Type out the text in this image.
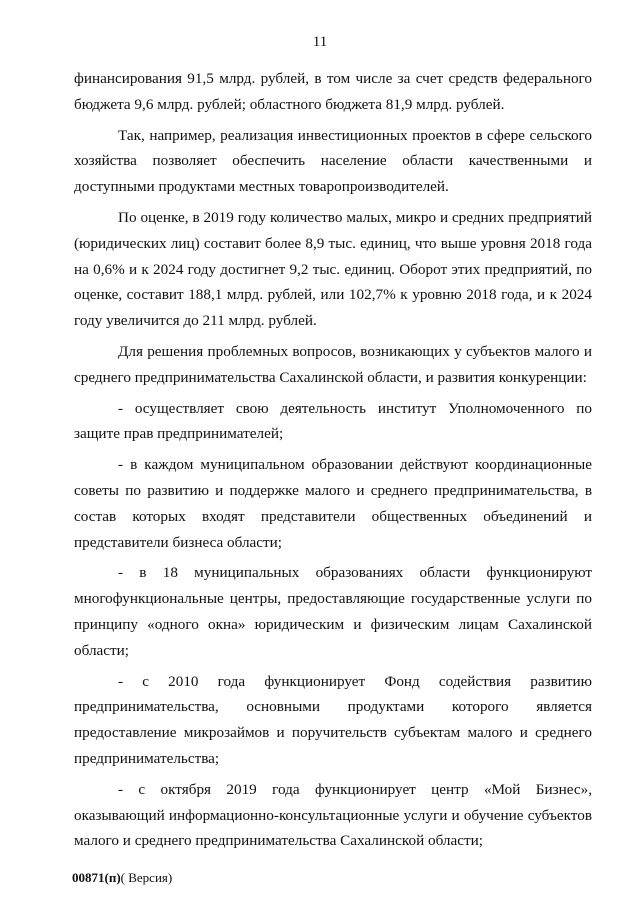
11

финансирования 91,5 млрд. рублей, в том числе за счет средств федерального бюджета 9,6 млрд. рублей; областного бюджета 81,9 млрд. рублей.

Так, например, реализация инвестиционных проектов в сфере сельского хозяйства позволяет обеспечить население области качественными и доступными продуктами местных товаропроизводителей.

По оценке, в 2019 году количество малых, микро и средних предприятий (юридических лиц) составит более 8,9 тыс. единиц, что выше уровня 2018 года на 0,6% и к 2024 году достигнет 9,2 тыс. единиц. Оборот этих предприятий, по оценке, составит 188,1 млрд. рублей, или 102,7% к уровню 2018 года, и к 2024 году увеличится до 211 млрд. рублей.

Для решения проблемных вопросов, возникающих у субъектов малого и среднего предпринимательства Сахалинской области, и развития конкуренции:

- осуществляет свою деятельность институт Уполномоченного по защите прав предпринимателей;

- в каждом муниципальном образовании действуют координационные советы по развитию и поддержке малого и среднего предпринимательства, в состав которых входят представители общественных объединений и представители бизнеса области;

- в 18 муниципальных образованиях области функционируют многофункциональные центры, предоставляющие государственные услуги по принципу «одного окна» юридическим и физическим лицам Сахалинской области;

- с 2010 года функционирует Фонд содействия развитию предпринимательства, основными продуктами которого является предоставление микрозаймов и поручительств субъектам малого и среднего предпринимательства;

- с октября 2019 года функционирует центр «Мой Бизнес», оказывающий информационно-консультационные услуги и обучение субъектов малого и среднего предпринимательства Сахалинской области;

00871(п)( Версия)
